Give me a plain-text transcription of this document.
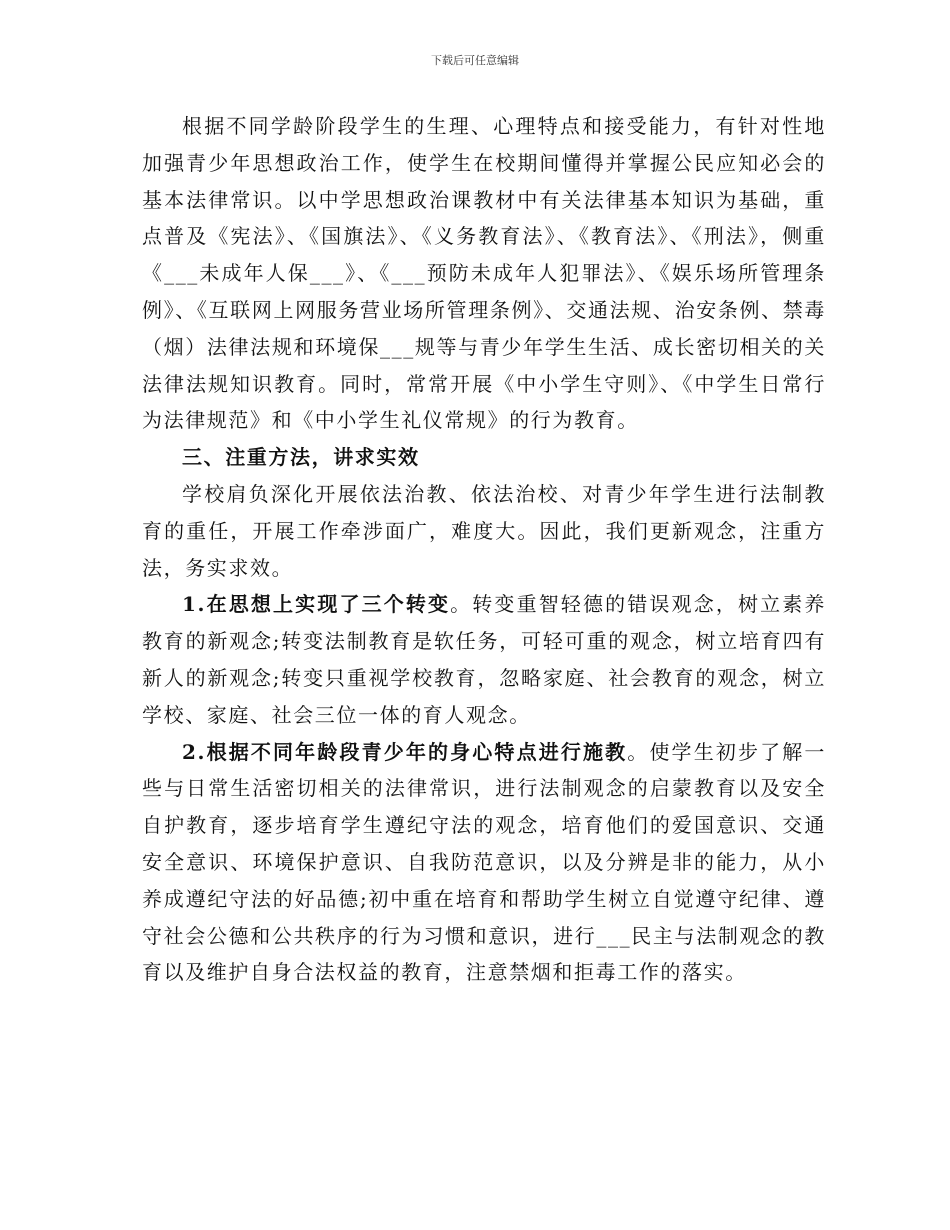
下载后可任意编辑

根据不同学龄阶段学生的生理、心理特点和接受能力，有针对性地加强青少年思想政治工作，使学生在校期间懂得并掌握公民应知必会的基本法律常识。以中学思想政治课教材中有关法律基本知识为基础，重点普及《宪法》、《国旗法》、《义务教育法》、《教育法》、《刑法》，侧重《___未成年人保___》、《___预防未成年人犯罪法》、《娱乐场所管理条例》、《互联网上网服务营业场所管理条例》、交通法规、治安条例、禁毒（烟）法律法规和环境保___规等与青少年学生生活、成长密切相关的关法律法规知识教育。同时，常常开展《中小学生守则》、《中学生日常行为法律规范》和《中小学生礼仪常规》的行为教育。

三、注重方法，讲求实效

学校肩负深化开展依法治教、依法治校、对青少年学生进行法制教育的重任，开展工作牵涉面广，难度大。因此，我们更新观念，注重方法，务实求效。

1.在思想上实现了三个转变。转变重智轻德的错误观念，树立素养教育的新观念;转变法制教育是软任务，可轻可重的观念，树立培育四有新人的新观念;转变只重视学校教育，忽略家庭、社会教育的观念，树立学校、家庭、社会三位一体的育人观念。

2.根据不同年龄段青少年的身心特点进行施教。使学生初步了解一些与日常生活密切相关的法律常识，进行法制观念的启蒙教育以及安全自护教育，逐步培育学生遵纪守法的观念，培育他们的爱国意识、交通安全意识、环境保护意识、自我防范意识，以及分辨是非的能力，从小养成遵纪守法的好品德;初中重在培育和帮助学生树立自觉遵守纪律、遵守社会公德和公共秩序的行为习惯和意识，进行___民主与法制观念的教育以及维护自身合法权益的教育，注意禁烟和拒毒工作的落实。
